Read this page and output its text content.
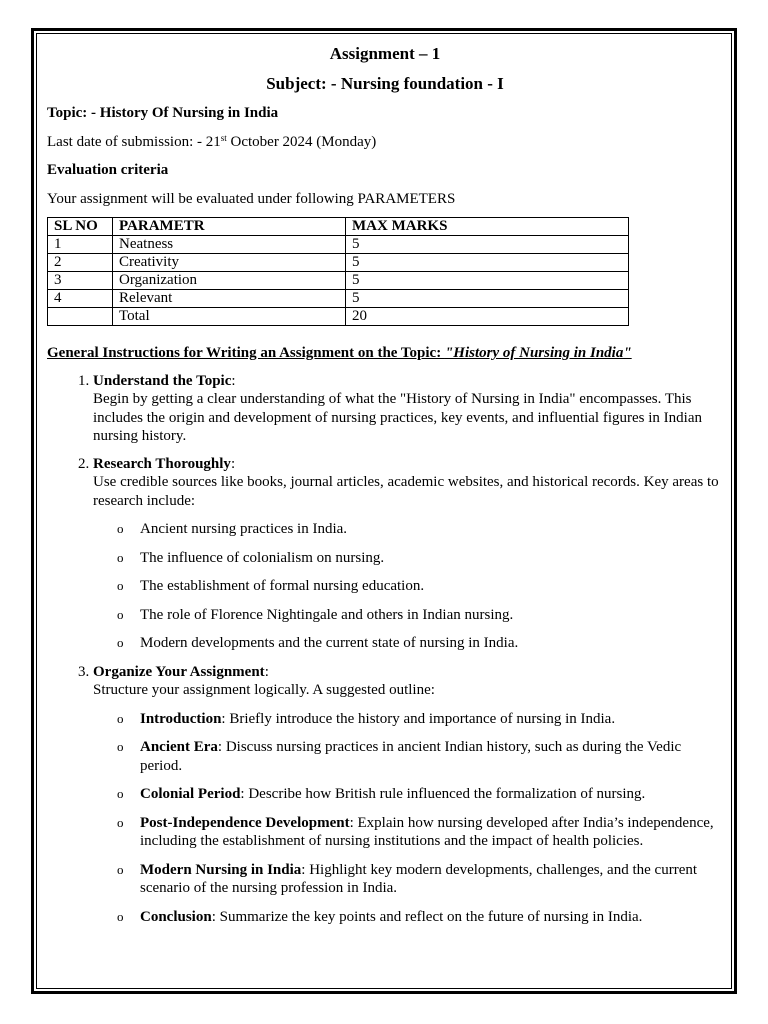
Assignment – 1
Subject: - Nursing foundation - I
Topic: - History Of Nursing in India
Last date of submission: - 21st October 2024 (Monday)
Evaluation criteria
Your assignment will be evaluated under following PARAMETERS
SL NO	PARAMETR	MAX MARKS
1	Neatness	5
2	Creativity	5
3	Organization	5
4	Relevant	5
	Total	20
General Instructions for Writing an Assignment on the Topic: "History of Nursing in India"
1. Understand the Topic:
Begin by getting a clear understanding of what the "History of Nursing in India" encompasses. This includes the origin and development of nursing practices, key events, and influential figures in Indian nursing history.
2. Research Thoroughly:
Use credible sources like books, journal articles, academic websites, and historical records. Key areas to research include:
o Ancient nursing practices in India.
o The influence of colonialism on nursing.
o The establishment of formal nursing education.
o The role of Florence Nightingale and others in Indian nursing.
o Modern developments and the current state of nursing in India.
3. Organize Your Assignment:
Structure your assignment logically. A suggested outline:
o Introduction: Briefly introduce the history and importance of nursing in India.
o Ancient Era: Discuss nursing practices in ancient Indian history, such as during the Vedic period.
o Colonial Period: Describe how British rule influenced the formalization of nursing.
o Post-Independence Development: Explain how nursing developed after India’s independence, including the establishment of nursing institutions and the impact of health policies.
o Modern Nursing in India: Highlight key modern developments, challenges, and the current scenario of the nursing profession in India.
o Conclusion: Summarize the key points and reflect on the future of nursing in India.
